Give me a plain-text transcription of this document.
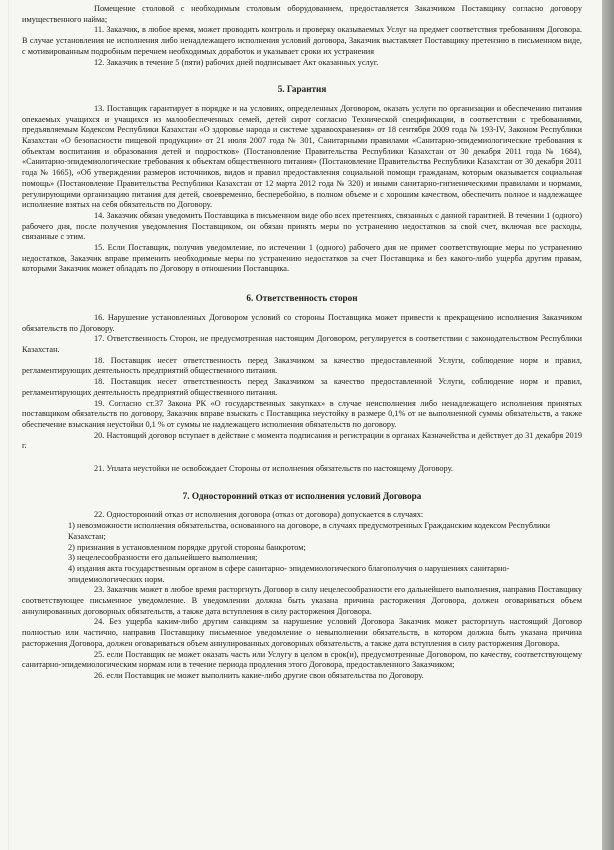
Помещение столовой с необходимым столовым оборудованием, предоставляется Заказчиком Поставщику согласно договору имущественного найма;

11. Заказчик, в любое время, может проводить контроль и проверку оказываемых Услуг на предмет соответствия требованиям Договора. В случае установления не исполнения либо ненадлежащего исполнения условий договора, Заказчик выставляет Поставщику претензию в письменном виде, с мотивированным подробным перечнем необходимых доработок и указывает сроки их устранения

12. Заказчик в течение 5 (пяти) рабочих дней подписывает Акт оказанных услуг.

5. Гарантия

13. Поставщик гарантирует в порядке и на условиях, определенных Договором, оказать услуги по организации и обеспечению питания опекаемых учащихся и учащихся из малообеспеченных семей, детей сирот согласно Технической спецификации, в соответствии с требованиями, предъявляемым Кодексом Республики Казахстан «О здоровье народа и системе здравоохранения» от 18 сентября 2009 года № 193-IV, Законом Республики Казахстан «О безопасности пищевой продукции» от 21 июля 2007 года № 301, Санитарными правилами «Санитарно-эпидемиологические требования к объектам воспитания и образования детей и подростков» (Постановление Правительства Республики Казахстан от 30 декабря 2011 года № 1684), «Санитарно-эпидемиологические требования к объектам общественного питания» (Постановление Правительства Республики Казахстан от 30 декабря 2011 года № 1665), «Об утверждении размеров источников, видов и правил предоставления социальной помощи гражданам, которым оказывается социальная помощь» (Постановление Правительства Республики Казахстан от 12 марта 2012 года № 320) и иными санитарно-гигиеническими правилами и нормами, регулирующими организацию питания для детей, своевременно, бесперебойно, в полном объеме и с хорошим качеством, обеспечить полное и надлежащее исполнение взятых на себя обязательств по Договору.

14. Заказчик обязан уведомить Поставщика в письменном виде обо всех претензиях, связанных с данной гарантией. В течении 1 (одного) рабочего дня, после получения уведомления Поставщиком, он обязан принять меры по устранению недостатков за свой счет, включая все расходы, связанные с этим.

15. Если Поставщик, получив уведомление, по истечении 1 (одного) рабочего дня не примет соответствующие меры по устранению недостатков, Заказчик вправе применить необходимые меры по устранению недостатков за счет Поставщика и без какого-либо ущерба другим правам, которыми Заказчик может обладать по Договору в отношении Поставщика.

6. Ответственность сторон

16. Нарушение установленных Договором условий со стороны Поставщика может привести к прекращению исполнения Заказчиком обязательств по Договору.

17. Ответственность Сторон, не предусмотренная настоящим Договором, регулируется в соответствии с законодательством Республики Казахстан.

18. Поставщик несет ответственность перед Заказчиком за качество предоставленной Услуги, соблюдение норм и правил, регламентирующих деятельность предприятий общественного питания.

18. Поставщик несет ответственность перед Заказчиком за качество предоставленной Услуги, соблюдение норм и правил, регламентирующих деятельность предприятий общественного питания.

19. Согласно ст.37 Закона РК «О государственных закупках» в случае неисполнения либо ненадлежащего исполнения принятых поставщиком обязательств по договору, Заказчик вправе взыскать с Поставщика неустойку в размере 0,1% от не выполненной суммы обязательств, а также обеспечение взыскания неустойки 0,1 % от суммы не надлежащего исполнения обязательств по договору.

20. Настоящий договор вступает в действие с момента подписания и регистрации в органах Казначейства и действует до 31 декабря 2019 г.

21. Уплата неустойки не освобождает Стороны от исполнения обязательств по настоящему Договору.

7. Односторонний отказ от исполнения условий Договора

22. Односторонний отказ от исполнения договора (отказ от договора) допускается в случаях:

1) невозможности исполнения обязательства, основанного на договоре, в случаях предусмотренных Гражданским кодексом Республики Казахстан;
2) признания в установленном порядке другой стороны банкротом;
3) нецелесообразности его дальнейшего выполнения;
4) издания акта государственным органом в сфере санитарно- эпидемиологического благополучия о нарушениях санитарно- эпидемиологических норм.

23. Заказчик может в любое время расторгнуть Договор в силу нецелесообразности его дальнейшего выполнения, направив Поставщику соответствующее письменное уведомление. В уведомлении должна быть указана причина расторжения Договора, должен оговариваться объем аннулированных договорных обязательств, а также дата вступления в силу расторжения Договора.

24. Без ущерба каким-либо другим санкциям за нарушение условий Договора Заказчик может расторгнуть настоящий Договор полностью или частично, направив Поставщику письменное уведомление о невыполнении обязательств, в котором должна быть указана причина расторжения Договора, должен оговариваться объем аннулированных договорных обязательств, а также дата вступления в силу расторжения Договора.

25. если Поставщик не может оказать часть или Услугу в целом в срок(и), предусмотренные Договором, по качеству, соответствующему санитарно-эпидемиологическим нормам или в течение периода продления этого Договора, предоставленного Заказчиком;

26. если Поставщик не может выполнить какие-либо другие свои обязательства по Договору.
